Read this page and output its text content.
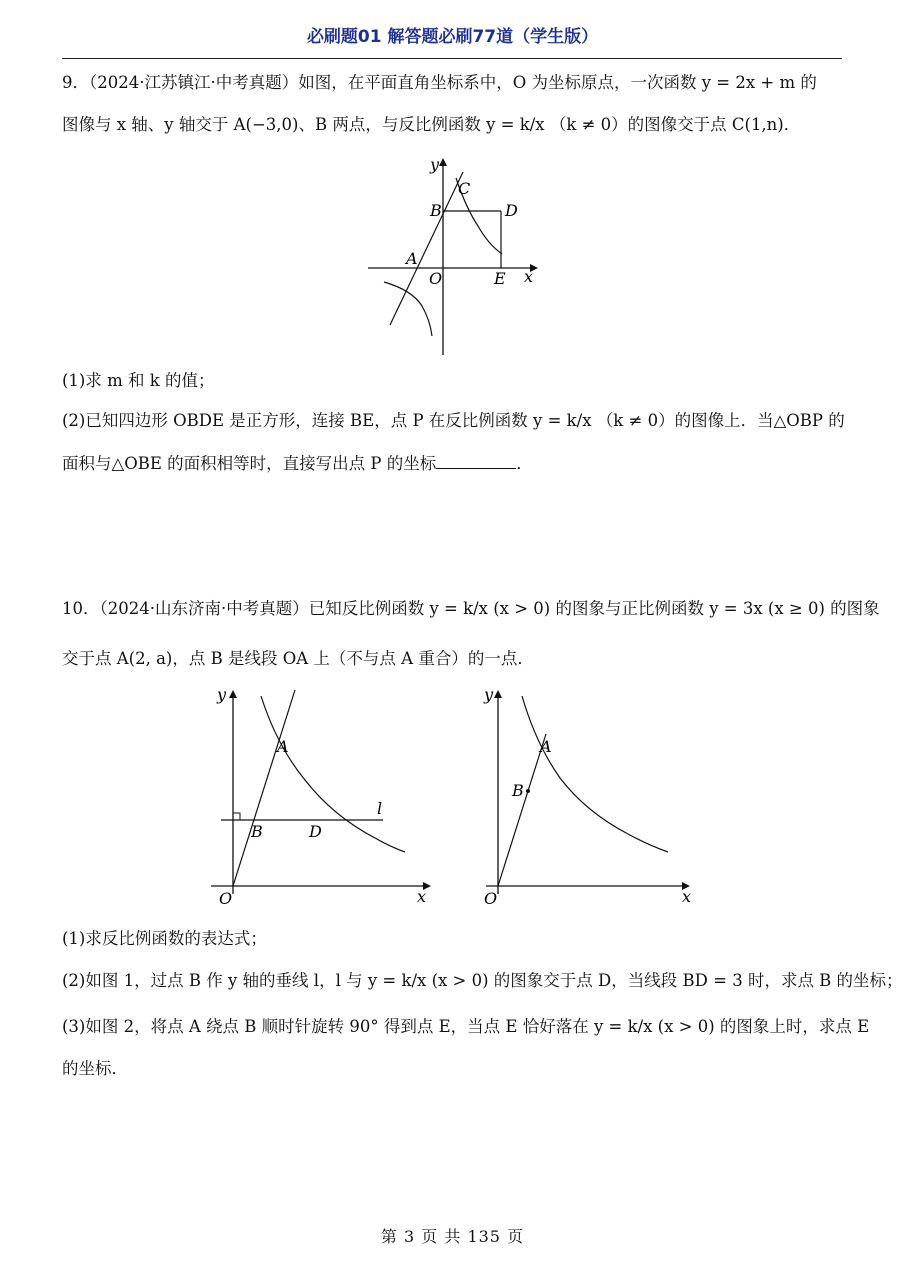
必刷题01 解答题必刷77道（学生版）
9．（2024·江苏镇江·中考真题）如图，在平面直角坐标系中，O 为坐标原点，一次函数 y = 2x + m 的
图像与 x 轴、y 轴交于 A(−3,0)、B 两点，与反比例函数 y = k/x （k ≠ 0）的图像交于点 C(1,n)．
y
C
B	D
A
O	E x
(1)求 m 和 k 的值；
(2)已知四边形 OBDE 是正方形，连接 BE，点 P 在反比例函数 y = k/x （k ≠ 0）的图像上．当△OBP 的
面积与△OBE 的面积相等时，直接写出点 P 的坐标	．
10．（2024·山东济南·中考真题）已知反比例函数 y = k/x (x > 0) 的图象与正比例函数 y = 3x (x ≥ 0) 的图象
交于点 A(2, a)，点 B 是线段 OA 上（不与点 A 重合）的一点．
y
A
l
B	D
O	x
y
A
B
O	x
(1)求反比例函数的表达式；
(2)如图 1，过点 B 作 y 轴的垂线 l，l 与 y = k/x (x > 0) 的图象交于点 D，当线段 BD = 3 时，求点 B 的坐标；
(3)如图 2，将点 A 绕点 B 顺时针旋转 90° 得到点 E，当点 E 恰好落在 y = k/x (x > 0) 的图象上时，求点 E
的坐标．
第 3 页 共 135 页
